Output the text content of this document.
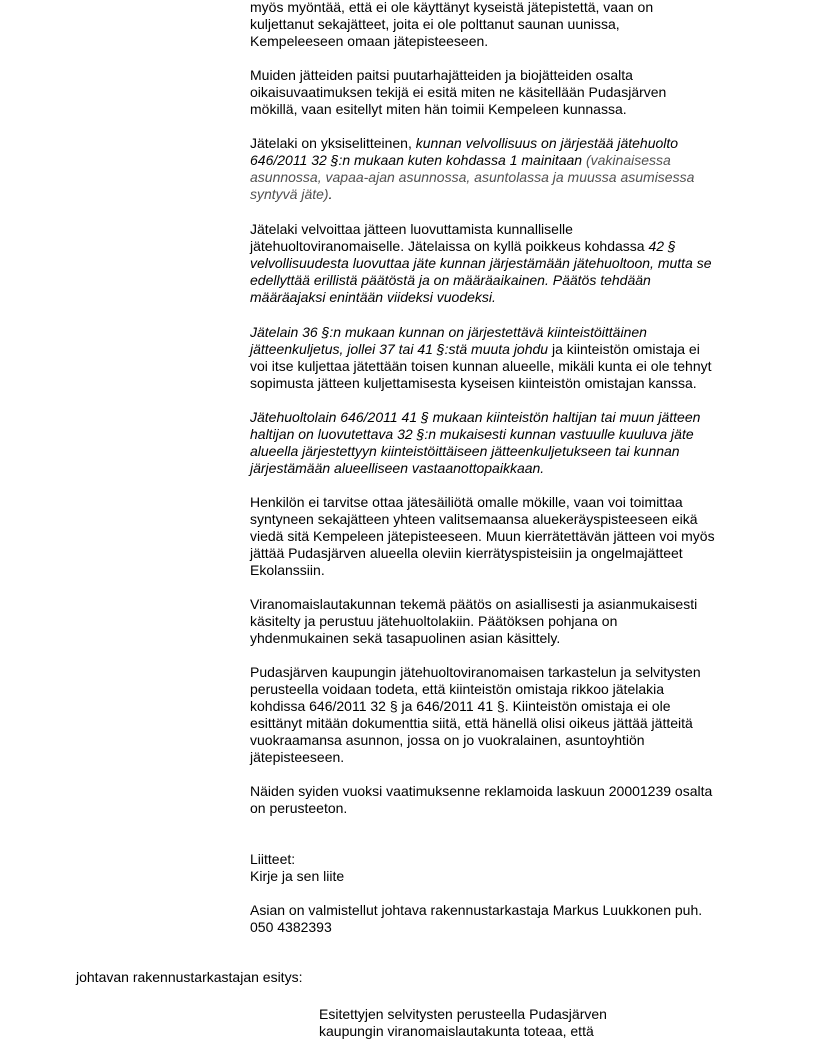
myös myöntää, että ei ole käyttänyt kyseistä jätepistettä, vaan on
kuljettanut sekajätteet, joita ei ole polttanut saunan uunissa,
Kempeleeseen omaan jätepisteeseen.
Muiden jätteiden paitsi puutarhajätteiden ja biojätteiden osalta
oikaisuvaatimuksen tekijä ei esitä miten ne käsitellään Pudasjärven
mökillä, vaan esitellyt miten hän toimii Kempeleen kunnassa.
Jätelaki on yksiselitteinen, kunnan velvollisuus on järjestää jätehuolto
646/2011 32 §:n mukaan kuten kohdassa 1 mainitaan (vakinaisessa
asunnossa, vapaa-ajan asunnossa, asuntolassa ja muussa asumisessa
syntyvä jäte).
Jätelaki velvoittaa jätteen luovuttamista kunnalliselle
jätehuoltoviranomaiselle. Jätelaissa on kyllä poikkeus kohdassa 42 §
velvollisuudesta luovuttaa jäte kunnan järjestämään jätehuoltoon, mutta se
edellyttää erillistä päätöstä ja on määräaikainen. Päätös tehdään
määräajaksi enintään viideksi vuodeksi.
Jätelain 36 §:n mukaan kunnan on järjestettävä kiinteistöittäinen
jätteenkuljetus, jollei 37 tai 41 §:stä muuta johdu ja kiinteistön omistaja ei
voi itse kuljettaa jätettään toisen kunnan alueelle, mikäli kunta ei ole tehnyt
sopimusta jätteen kuljettamisesta kyseisen kiinteistön omistajan kanssa.
Jätehuoltolain 646/2011 41 § mukaan kiinteistön haltijan tai muun jätteen
haltijan on luovutettava 32 §:n mukaisesti kunnan vastuulle kuuluva jäte
alueella järjestettyyn kiinteistöittäiseen jätteenkuljetukseen tai kunnan
järjestämään alueelliseen vastaanottopaikkaan.
Henkilön ei tarvitse ottaa jätesäiliötä omalle mökille, vaan voi toimittaa
syntyneen sekajätteen yhteen valitsemaansa aluekeräyspisteeseen eikä
viedä sitä Kempeleen jätepisteeseen. Muun kierrätettävän jätteen voi myös
jättää Pudasjärven alueella oleviin kierrätyspisteisiin ja ongelmajätteet
Ekolanssiin.
Viranomaislautakunnan tekemä päätös on asiallisesti ja asianmukaisesti
käsitelty ja perustuu jätehuoltolakiin. Päätöksen pohjana on
yhdenmukainen sekä tasapuolinen asian käsittely.
Pudasjärven kaupungin jätehuoltoviranomaisen tarkastelun ja selvitysten
perusteella voidaan todeta, että kiinteistön omistaja rikkoo jätelakia
kohdissa 646/2011 32 § ja 646/2011 41 §. Kiinteistön omistaja ei ole
esittänyt mitään dokumenttia siitä, että hänellä olisi oikeus jättää jätteitä
vuokraamansa asunnon, jossa on jo vuokralainen, asuntoyhtiön
jätepisteeseen.
Näiden syiden vuoksi vaatimuksenne reklamoida laskuun 20001239 osalta
on perusteeton.
Liitteet:
Kirje ja sen liite
Asian on valmistellut johtava rakennustarkastaja Markus Luukkonen puh.
050 4382393
johtavan rakennustarkastajan esitys:
Esitettyjen selvitysten perusteella Pudasjärven
kaupungin viranomaislautakunta toteaa, että
